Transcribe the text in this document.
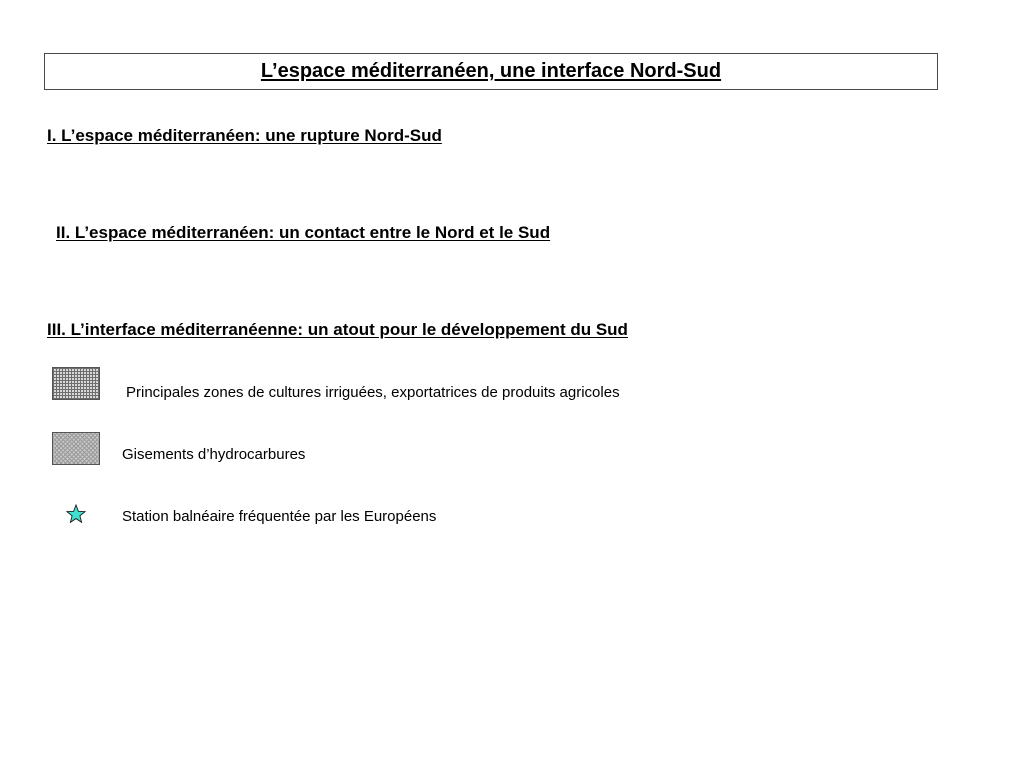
L’espace méditerranéen, une interface Nord-Sud
I. L’espace méditerranéen: une rupture Nord-Sud
II. L’espace méditerranéen: un contact entre le Nord et le Sud
III. L’interface méditerranéenne: un atout pour le développement du Sud
Principales zones de cultures irriguées, exportatrices de produits agricoles
Gisements d’hydrocarbures
Station balnéaire fréquentée par les Européens
